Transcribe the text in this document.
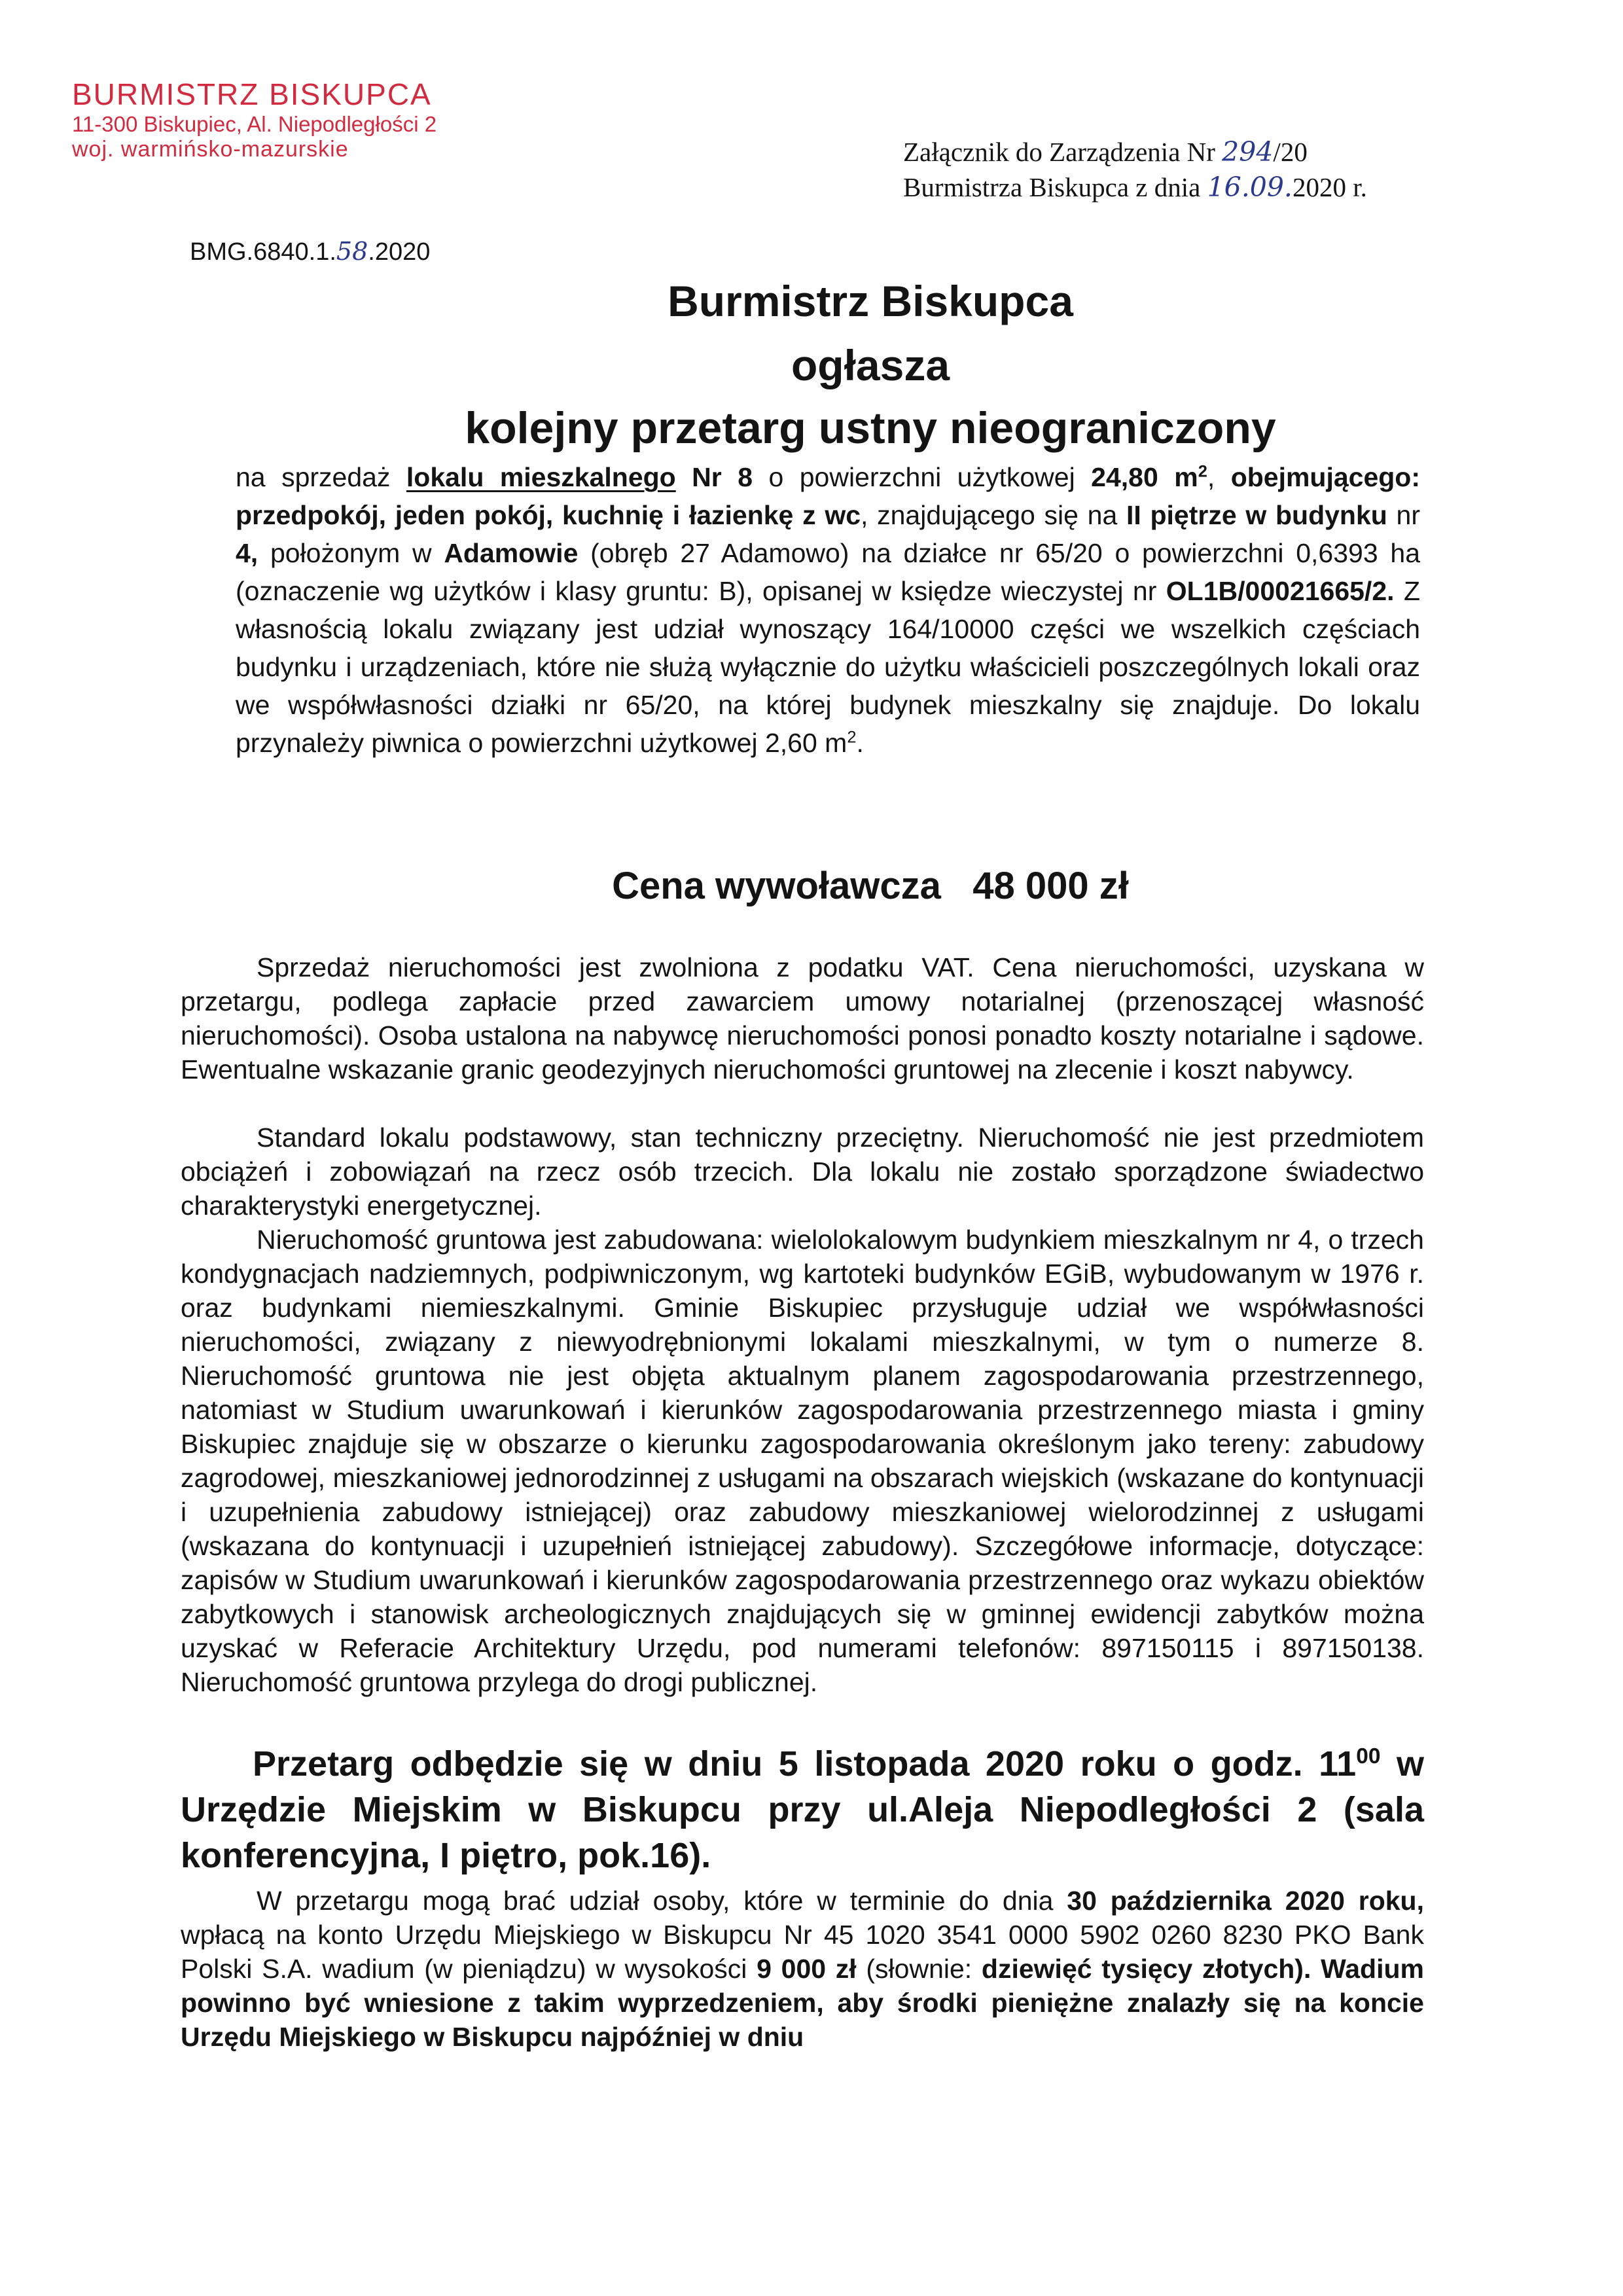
BURMISTRZ BISKUPCA
11-300 Biskupiec, Al. Niepodległości 2
woj. warmińsko-mazurskie	Załącznik do Zarządzenia Nr 294/20
Burmistrza Biskupca z dnia 16.09.2020 r.
BMG.6840.1.58.2020
Burmistrz Biskupca
ogłasza
kolejny przetarg ustny nieograniczony
na sprzedaż lokalu mieszkalnego Nr 8 o powierzchni użytkowej 24,80 $m^2$, obejmującego: przedpokój, jeden pokój, kuchnię i łazienkę z wc, znajdującego się na II piętrze w budynku nr 4, położonym w Adamowie (obręb 27 Adamowo) na działce nr 65/20 o powierzchni 0,6393 ha (oznaczenie wg użytków i klasy gruntu: B), opisanej w księdze wieczystej nr OL1B/00021665/2. Z własnością lokalu związany jest udział wynoszący 164/10000 części we wszelkich częściach budynku i urządzeniach, które nie służą wyłącznie do użytku właścicieli poszczególnych lokali oraz we współwłasności działki nr 65/20, na której budynek mieszkalny się znajduje. Do lokalu przynależy piwnica o powierzchni użytkowej 2,60 $m^2$.
Cena wywoławcza 48 000 zł
Sprzedaż nieruchomości jest zwolniona z podatku VAT. Cena nieruchomości, uzyskana w przetargu, podlega zapłacie przed zawarciem umowy notarialnej (przenoszącej własność nieruchomości). Osoba ustalona na nabywcę nieruchomości ponosi ponadto koszty notarialne i sądowe. Ewentualne wskazanie granic geodezyjnych nieruchomości gruntowej na zlecenie i koszt nabywcy.
Standard lokalu podstawowy, stan techniczny przeciętny. Nieruchomość nie jest przedmiotem obciążeń i zobowiązań na rzecz osób trzecich. Dla lokalu nie zostało sporządzone świadectwo charakterystyki energetycznej.
Nieruchomość gruntowa jest zabudowana: wielolokalowym budynkiem mieszkalnym nr 4, o trzech kondygnacjach nadziemnych, podpiwniczonym, wg kartoteki budynków EGiB, wybudowanym w 1976 r. oraz budynkami niemieszkalnymi. Gminie Biskupiec przysługuje udział we współwłasności nieruchomości, związany z niewyodrębnionymi lokalami mieszkalnymi, w tym o numerze 8. Nieruchomość gruntowa nie jest objęta aktualnym planem zagospodarowania przestrzennego, natomiast w Studium uwarunkowań i kierunków zagospodarowania przestrzennego miasta i gminy Biskupiec znajduje się w obszarze o kierunku zagospodarowania określonym jako tereny: zabudowy zagrodowej, mieszkaniowej jednorodzinnej z usługami na obszarach wiejskich (wskazane do kontynuacji i uzupełnienia zabudowy istniejącej) oraz zabudowy mieszkaniowej wielorodzinnej z usługami (wskazana do kontynuacji i uzupełnień istniejącej zabudowy). Szczegółowe informacje, dotyczące: zapisów w Studium uwarunkowań i kierunków zagospodarowania przestrzennego oraz wykazu obiektów zabytkowych i stanowisk archeologicznych znajdujących się w gminnej ewidencji zabytków można uzyskać w Referacie Architektury Urzędu, pod numerami telefonów: 897150115 i 897150138. Nieruchomość gruntowa przylega do drogi publicznej.
Przetarg odbędzie się w dniu 5 listopada 2020 roku o godz. $11^{00}$ w Urzędzie Miejskim w Biskupcu przy ul.Aleja Niepodległości 2 (sala konferencyjna, I piętro, pok.16).
W przetargu mogą brać udział osoby, które w terminie do dnia 30 października 2020 roku, wpłacą na konto Urzędu Miejskiego w Biskupcu Nr 45 1020 3541 0000 5902 0260 8230 PKO Bank Polski S.A. wadium (w pieniądzu) w wysokości 9 000 zł (słownie: dziewięć tysięcy złotych). Wadium powinno być wniesione z takim wyprzedzeniem, aby środki pieniężne znalazły się na koncie Urzędu Miejskiego w Biskupcu najpóźniej w dniu
